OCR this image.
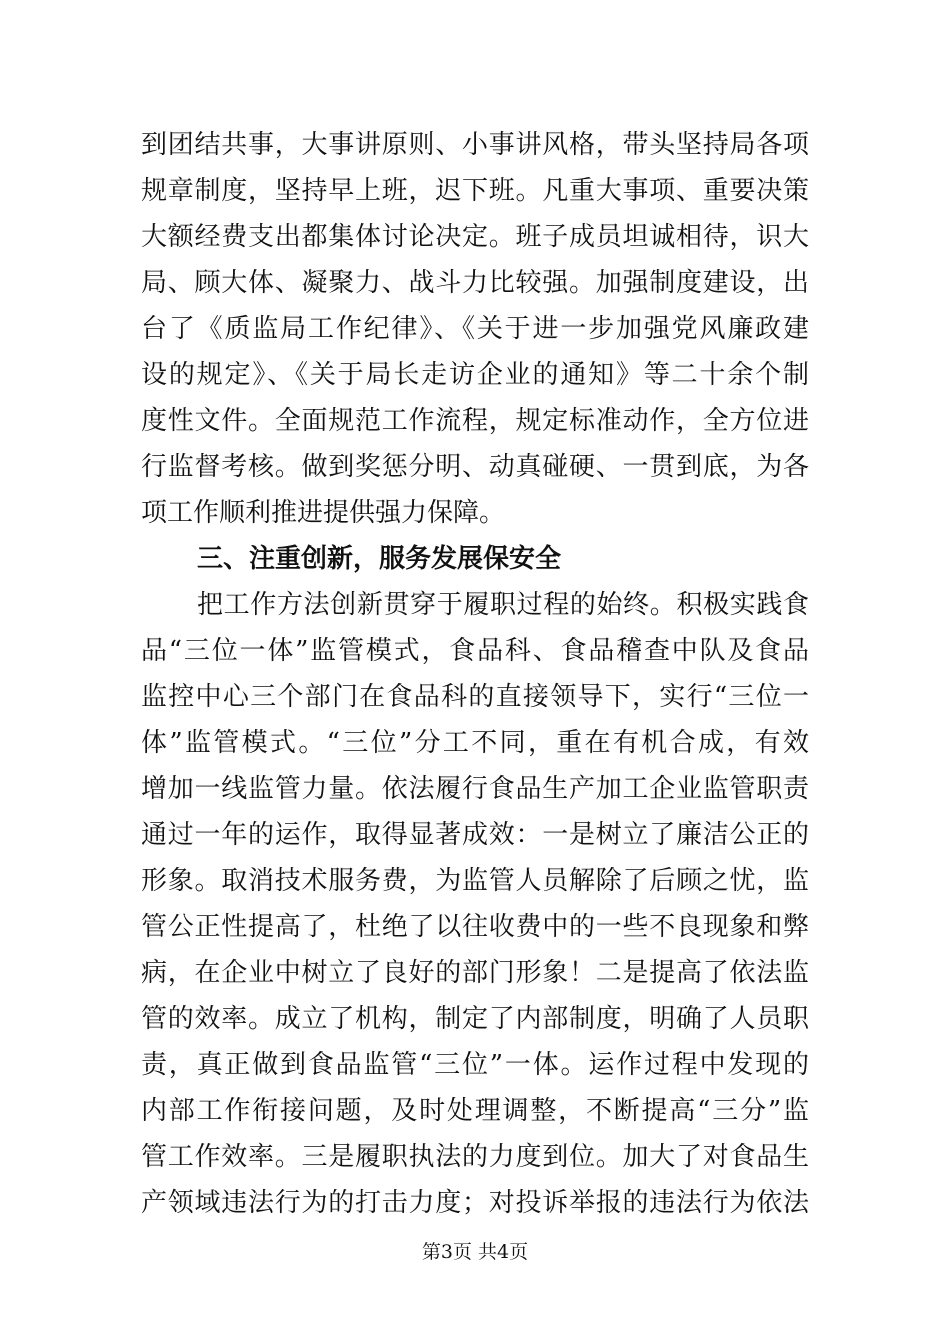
到团结共事，大事讲原则、小事讲风格，带头坚持局各项
规章制度，坚持早上班，迟下班。凡重大事项、重要决策
大额经费支出都集体讨论决定。班子成员坦诚相待，识大
局、顾大体、凝聚力、战斗力比较强。加强制度建设，出
台了《质监局工作纪律》、《关于进一步加强党风廉政建
设的规定》、《关于局长走访企业的通知》等二十余个制
度性文件。全面规范工作流程，规定标准动作，全方位进
行监督考核。做到奖惩分明、动真碰硬、一贯到底，为各
项工作顺利推进提供强力保障。
三、注重创新，服务发展保安全
把工作方法创新贯穿于履职过程的始终。积极实践食
品“三位一体”监管模式，食品科、食品稽查中队及食品
监控中心三个部门在食品科的直接领导下，实行“三位一
体”监管模式。“三位”分工不同，重在有机合成，有效
增加一线监管力量。依法履行食品生产加工企业监管职责
通过一年的运作，取得显著成效：一是树立了廉洁公正的
形象。取消技术服务费，为监管人员解除了后顾之忧，监
管公正性提高了，杜绝了以往收费中的一些不良现象和弊
病，在企业中树立了良好的部门形象！二是提高了依法监
管的效率。成立了机构，制定了内部制度，明确了人员职
责，真正做到食品监管“三位”一体。运作过程中发现的
内部工作衔接问题，及时处理调整，不断提高“三分”监
管工作效率。三是履职执法的力度到位。加大了对食品生
产领域违法行为的打击力度；对投诉举报的违法行为依法
第3页 共4页
